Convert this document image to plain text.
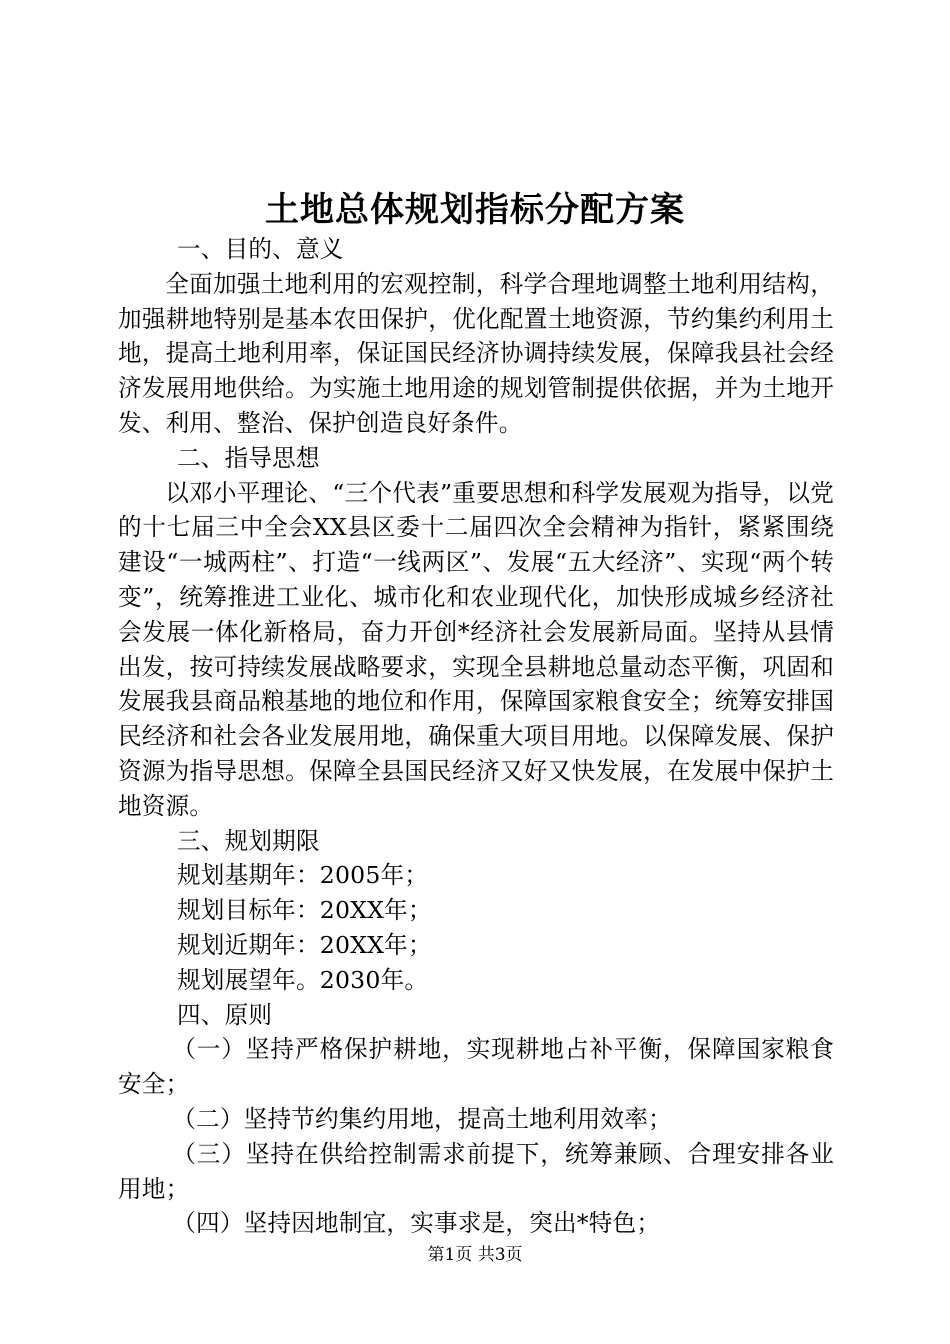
土地总体规划指标分配方案

一、目的、意义

全面加强土地利用的宏观控制，科学合理地调整土地利用结构，加强耕地特别是基本农田保护，优化配置土地资源，节约集约利用土地，提高土地利用率，保证国民经济协调持续发展，保障我县社会经济发展用地供给。为实施土地用途的规划管制提供依据，并为土地开发、利用、整治、保护创造良好条件。

二、指导思想

以邓小平理论、“三个代表”重要思想和科学发展观为指导，以党的十七届三中全会XX县区委十二届四次全会精神为指针，紧紧围绕建设“一城两柱”、打造“一线两区”、发展“五大经济”、实现“两个转变”，统筹推进工业化、城市化和农业现代化，加快形成城乡经济社会发展一体化新格局，奋力开创*经济社会发展新局面。坚持从县情出发，按可持续发展战略要求，实现全县耕地总量动态平衡，巩固和发展我县商品粮基地的地位和作用，保障国家粮食安全；统筹安排国民经济和社会各业发展用地，确保重大项目用地。以保障发展、保护资源为指导思想。保障全县国民经济又好又快发展，在发展中保护土地资源。

三、规划期限

规划基期年：2005年；

规划目标年：20XX年；

规划近期年：20XX年；

规划展望年。2030年。

四、原则

（一）坚持严格保护耕地，实现耕地占补平衡，保障国家粮食安全；

（二）坚持节约集约用地，提高土地利用效率；

（三）坚持在供给控制需求前提下，统筹兼顾、合理安排各业用地；

（四）坚持因地制宜，实事求是，突出*特色；

第1页 共3页
